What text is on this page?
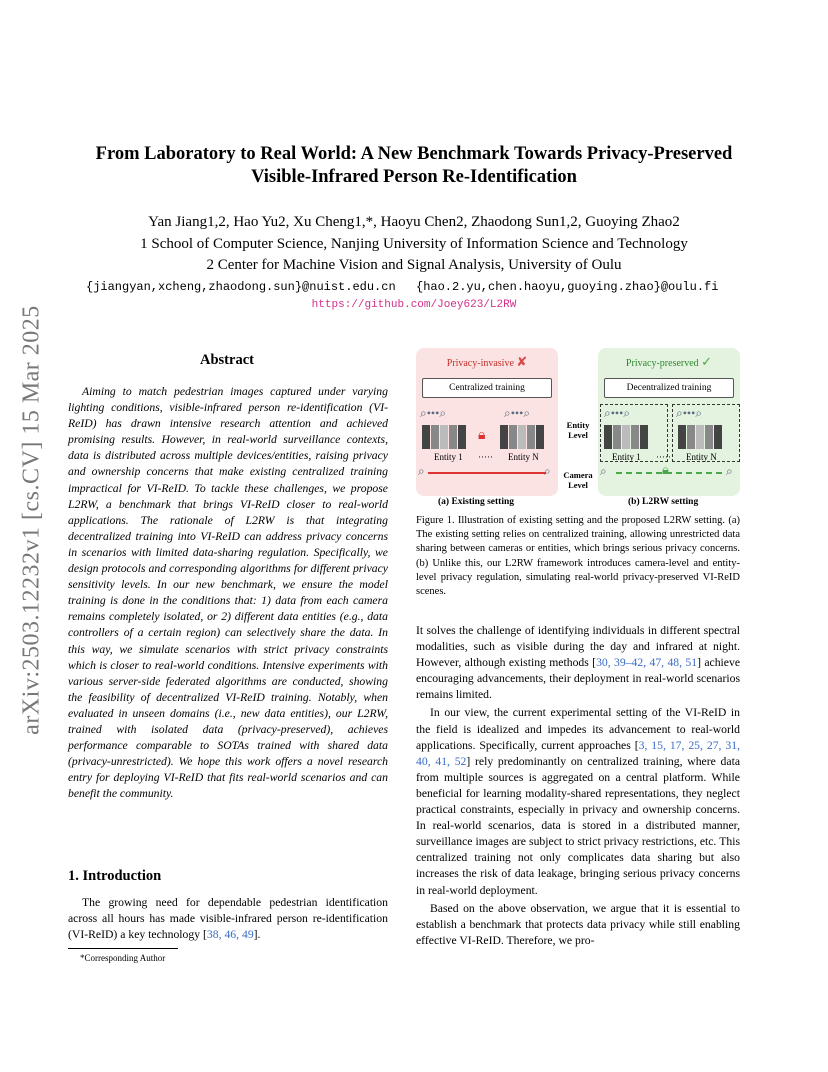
arXiv:2503.12232v1 [cs.CV] 15 Mar 2025
From Laboratory to Real World: A New Benchmark Towards Privacy-Preserved
Visible-Infrared Person Re-Identification
Yan Jiang1,2, Hao Yu2, Xu Cheng1,*, Haoyu Chen2, Zhaodong Sun1,2, Guoying Zhao2
1 School of Computer Science, Nanjing University of Information Science and Technology
2 Center for Machine Vision and Signal Analysis, University of Oulu
{jiangyan,xcheng,zhaodong.sun}@nuist.edu.cn {hao.2.yu,chen.haoyu,guoying.zhao}@oulu.fi
https://github.com/Joey623/L2RW
Abstract
Aiming to match pedestrian images captured under varying lighting conditions, visible-infrared person re-identification (VI-ReID) has drawn intensive research attention and achieved promising results. However, in real-world surveillance contexts, data is distributed across multiple devices/entities, raising privacy and ownership concerns that make existing centralized training impractical for VI-ReID. To tackle these challenges, we propose L2RW, a benchmark that brings VI-ReID closer to real-world applications. The rationale of L2RW is that integrating decentralized training into VI-ReID can address privacy concerns in scenarios with limited data-sharing regulation. Specifically, we design protocols and corresponding algorithms for different privacy sensitivity levels. In our new benchmark, we ensure the model training is done in the conditions that: 1) data from each camera remains completely isolated, or 2) different data entities (e.g., data controllers of a certain region) can selectively share the data. In this way, we simulate scenarios with strict privacy constraints which is closer to real-world conditions. Intensive experiments with various server-side federated algorithms are conducted, showing the feasibility of decentralized VI-ReID training. Notably, when evaluated in unseen domains (i.e., new data entities), our L2RW, trained with isolated data (privacy-preserved), achieves performance comparable to SOTAs trained with shared data (privacy-unrestricted). We hope this work offers a novel research entry for deploying VI-ReID that fits real-world scenarios and can benefit the community.
1. Introduction
The growing need for dependable pedestrian identification across all hours has made visible-infrared person re-identification (VI-ReID) a key technology [38, 46, 49].
*Corresponding Author
Privacy-invasive ✘
Centralized training
⌕•••⌕	⌕•••⌕
🔒︎
Entity 1 ····· Entity N
⌕	⌕
Entity Level
Camera Level
Privacy-preserved ✓
Decentralized training
⌕•••⌕	⌕•••⌕
Entity 1 ····· Entity N
🔒︎
⌕	⌕
(a) Existing setting	(b) L2RW setting
Figure 1. Illustration of existing setting and the proposed L2RW setting. (a) The existing setting relies on centralized training, allowing unrestricted data sharing between cameras or entities, which brings serious privacy concerns. (b) Unlike this, our L2RW framework introduces camera-level and entity-level privacy regulation, simulating real-world privacy-preserved VI-ReID scenes.

It solves the challenge of identifying individuals in different spectral modalities, such as visible during the day and infrared at night. However, although existing methods [30, 39–42, 47, 48, 51] achieve encouraging advancements, their deployment in real-world scenarios remains limited.

In our view, the current experimental setting of the VI-ReID in the field is idealized and impedes its advancement to real-world applications. Specifically, current approaches [3, 15, 17, 25, 27, 31, 40, 41, 52] rely predominantly on centralized training, where data from multiple sources is aggregated on a central platform. While beneficial for learning modality-shared representations, they neglect practical constraints, especially in privacy and ownership concerns. In real-world scenarios, data is stored in a distributed manner, surveillance images are subject to strict privacy restrictions, etc. This centralized training not only complicates data sharing but also increases the risk of data leakage, bringing serious privacy concerns in real-world deployment.

Based on the above observation, we argue that it is essential to establish a benchmark that protects data privacy while still enabling effective VI-ReID. Therefore, we pro-
